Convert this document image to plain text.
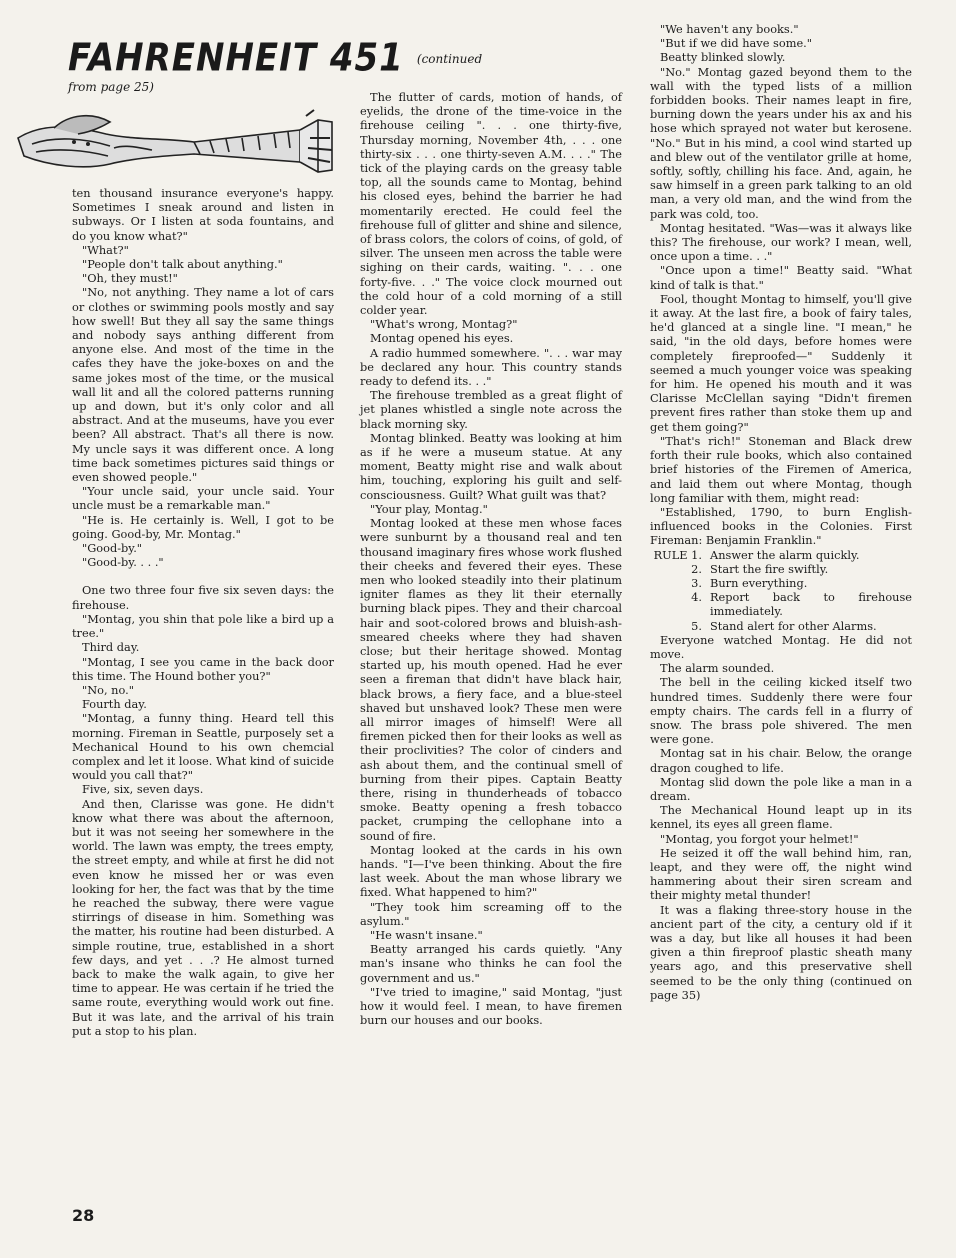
FAHRENHEIT 451 $^{(continued from page 25)}$

ten thousand insurance everyone's happy. Sometimes I sneak around and listen in subways. Or I listen at soda fountains, and do you know what?"

"What?"

"People don't talk about anything."

"Oh, they must!"

"No, not anything. They name a lot of cars or clothes or swimming pools mostly and say how swell! But they all say the same things and nobody says anthing different from anyone else. And most of the time in the cafes they have the joke-boxes on and the same jokes most of the time, or the musical wall lit and all the colored patterns running up and down, but it's only color and all abstract. And at the museums, have you ever been? All abstract. That's all there is now. My uncle says it was different once. A long time back sometimes pictures said things or even showed people."

"Your uncle said, your uncle said. Your uncle must be a remarkable man."

"He is. He certainly is. Well, I got to be going. Good-by, Mr. Montag."

"Good-by."

"Good-by. . . ."

One two three four five six seven days: the firehouse.

"Montag, you shin that pole like a bird up a tree."

Third day.

"Montag, I see you came in the back door this time. The Hound bother you?"

"No, no."

Fourth day.

"Montag, a funny thing. Heard tell this morning. Fireman in Seattle, purposely set a Mechanical Hound to his own chemcial complex and let it loose. What kind of suicide would you call that?"

Five, six, seven days.

And then, Clarisse was gone. He didn't know what there was about the afternoon, but it was not seeing her somewhere in the world. The lawn was empty, the trees empty, the street empty, and while at first he did not even know he missed her or was even looking for her, the fact was that by the time he reached the subway, there were vague stirrings of disease in him. Something was the matter, his routine had been disturbed. A simple routine, true, established in a short few days, and yet . . .? He almost turned back to make the walk again, to give her time to appear. He was certain if he tried the same route, everything would work out fine. But it was late, and the arrival of his train put a stop to his plan.

The flutter of cards, motion of hands, of eyelids, the drone of the time-voice in the firehouse ceiling ". . . one thirty-five, Thursday morning, November 4th, . . . one thirty-six . . . one thirty-seven A.M. . . ." The tick of the playing cards on the greasy table top, all the sounds came to Montag, behind his closed eyes, behind the barrier he had momentarily erected. He could feel the firehouse full of glitter and shine and silence, of brass colors, the colors of coins, of gold, of silver. The unseen men across the table were sighing on their cards, waiting. ". . . one forty-five. . ." The voice clock mourned out the cold hour of a cold morning of a still colder year.

"What's wrong, Montag?"

Montag opened his eyes.

A radio hummed somewhere. ". . . war may be declared any hour. This country stands ready to defend its. . ."

The firehouse trembled as a great flight of jet planes whistled a single note across the black morning sky.

Montag blinked. Beatty was looking at him as if he were a museum statue. At any moment, Beatty might rise and walk about him, touching, exploring his guilt and self-consciousness. Guilt? What guilt was that?

"Your play, Montag."

Montag looked at these men whose faces were sunburnt by a thousand real and ten thousand imaginary fires whose work flushed their cheeks and fevered their eyes. These men who looked steadily into their platinum igniter flames as they lit their eternally burning black pipes. They and their charcoal hair and soot-colored brows and bluish-ash-smeared cheeks where they had shaven close; but their heritage showed. Montag started up, his mouth opened. Had he ever seen a fireman that didn't have black hair, black brows, a fiery face, and a blue-steel shaved but unshaved look? These men were all mirror images of himself! Were all firemen picked then for their looks as well as their proclivities? The color of cinders and ash about them, and the continual smell of burning from their pipes. Captain Beatty there, rising in thunderheads of tobacco smoke. Beatty opening a fresh tobacco packet, crumping the cellophane into a sound of fire.

Montag looked at the cards in his own hands. "I—I've been thinking. About the fire last week. About the man whose library we fixed. What happened to him?"

"They took him screaming off to the asylum."

"He wasn't insane."

Beatty arranged his cards quietly. "Any man's insane who thinks he can fool the government and us."

"I've tried to imagine," said Montag, "just how it would feel. I mean, to have firemen burn our houses and our books.

"We haven't any books."

"But if we did have some."

Beatty blinked slowly.

"No." Montag gazed beyond them to the wall with the typed lists of a million forbidden books. Their names leapt in fire, burning down the years under his ax and his hose which sprayed not water but kerosene. "No." But in his mind, a cool wind started up and blew out of the ventilator grille at home, softly, softly, chilling his face. And, again, he saw himself in a green park talking to an old man, a very old man, and the wind from the park was cold, too.

Montag hesitated. "Was—was it always like this? The firehouse, our work? I mean, well, once upon a time. . ."

"Once upon a time!" Beatty said. "What kind of talk is that."

Fool, thought Montag to himself, you'll give it away. At the last fire, a book of fairy tales, he'd glanced at a single line. "I mean," he said, "in the old days, before homes were completely fireproofed—" Suddenly it seemed a much younger voice was speaking for him. He opened his mouth and it was Clarisse McClellan saying "Didn't firemen prevent fires rather than stoke them up and get them going?"

"That's rich!" Stoneman and Black drew forth their rule books, which also contained brief histories of the Firemen of America, and laid them out where Montag, though long familiar with them, might read:

"Established, 1790, to burn English-influenced books in the Colonies. First Fireman: Benjamin Franklin."

RULE 1. Answer the alarm quickly.
2. Start the fire swiftly.
3. Burn everything.
4. Report back to firehouse immediately.
5. Stand alert for other Alarms.

Everyone watched Montag. He did not move.

The alarm sounded.

The bell in the ceiling kicked itself two hundred times. Suddenly there were four empty chairs. The cards fell in a flurry of snow. The brass pole shivered. The men were gone.

Montag sat in his chair. Below, the orange dragon coughed to life.

Montag slid down the pole like a man in a dream.

The Mechanical Hound leapt up in its kennel, its eyes all green flame.

"Montag, you forgot your helmet!"

He seized it off the wall behind him, ran, leapt, and they were off, the night wind hammering about their siren scream and their mighty metal thunder!

It was a flaking three-story house in the ancient part of the city, a century old if it was a day, but like all houses it had been given a thin fireproof plastic sheath many years ago, and this preservative shell seemed to be the only thing (continued on page 35)

28
